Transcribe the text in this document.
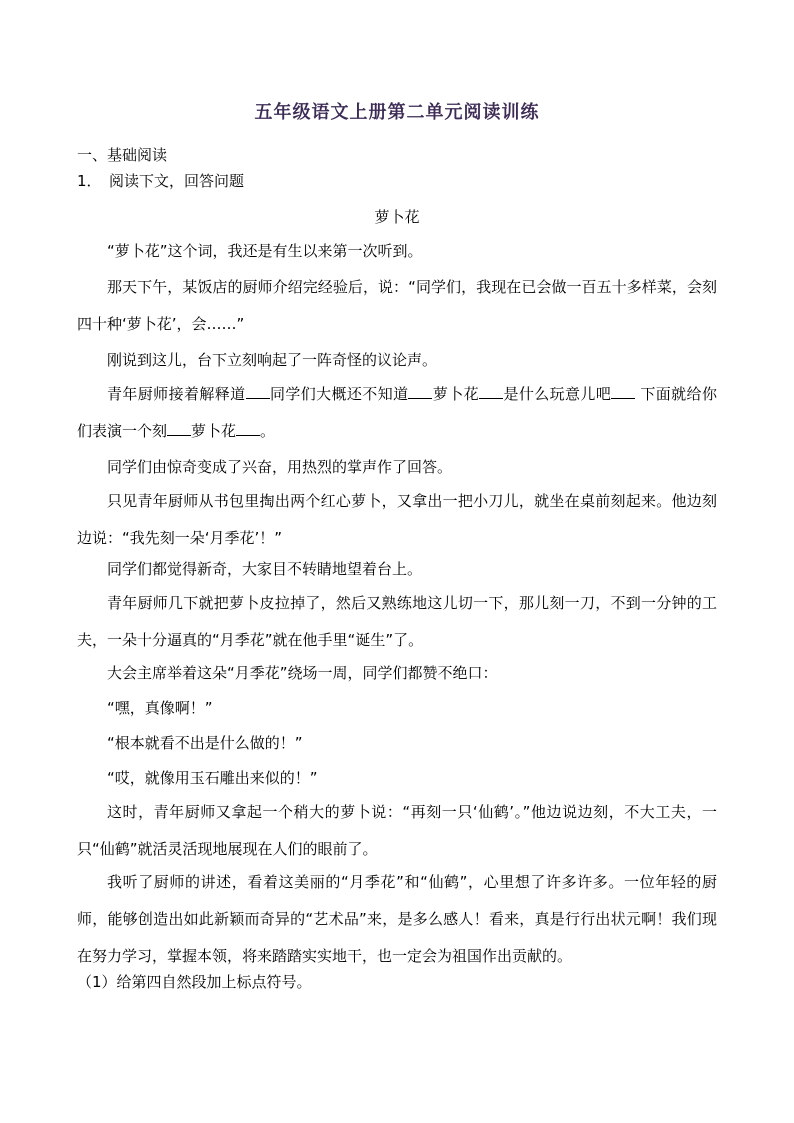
五年级语文上册第二单元阅读训练
一、基础阅读
1． 阅读下文，回答问题
萝卜花
“萝卜花”这个词，我还是有生以来第一次听到。
那天下午，某饭店的厨师介绍完经验后，说：“同学们，我现在已会做一百五十多样菜，会刻四十种‘萝卜花’，会……”
刚说到这儿，台下立刻响起了一阵奇怪的议论声。
青年厨师接着解释道 同学们大概还不知道 萝卜花 是什么玩意儿吧 下面就给你们表演一个刻 萝卜花 。
同学们由惊奇变成了兴奋，用热烈的掌声作了回答。
只见青年厨师从书包里掏出两个红心萝卜，又拿出一把小刀儿，就坐在桌前刻起来。他边刻边说：“我先刻一朵‘月季花’！”
同学们都觉得新奇，大家目不转睛地望着台上。
青年厨师几下就把萝卜皮拉掉了，然后又熟练地这儿切一下，那儿刻一刀，不到一分钟的工夫，一朵十分逼真的“月季花”就在他手里“诞生”了。
大会主席举着这朵“月季花”绕场一周，同学们都赞不绝口：
“嘿，真像啊！”
“根本就看不出是什么做的！”
“哎，就像用玉石雕出来似的！”
这时，青年厨师又拿起一个稍大的萝卜说：“再刻一只‘仙鹤’。”他边说边刻，不大工夫，一只“仙鹤”就活灵活现地展现在人们的眼前了。
我听了厨师的讲述，看着这美丽的“月季花”和“仙鹤”，心里想了许多许多。一位年轻的厨师，能够创造出如此新颖而奇异的“艺术品”来，是多么感人！看来，真是行行出状元啊！我们现在努力学习，掌握本领，将来踏踏实实地干，也一定会为祖国作出贡献的。
（1）给第四自然段加上标点符号。
